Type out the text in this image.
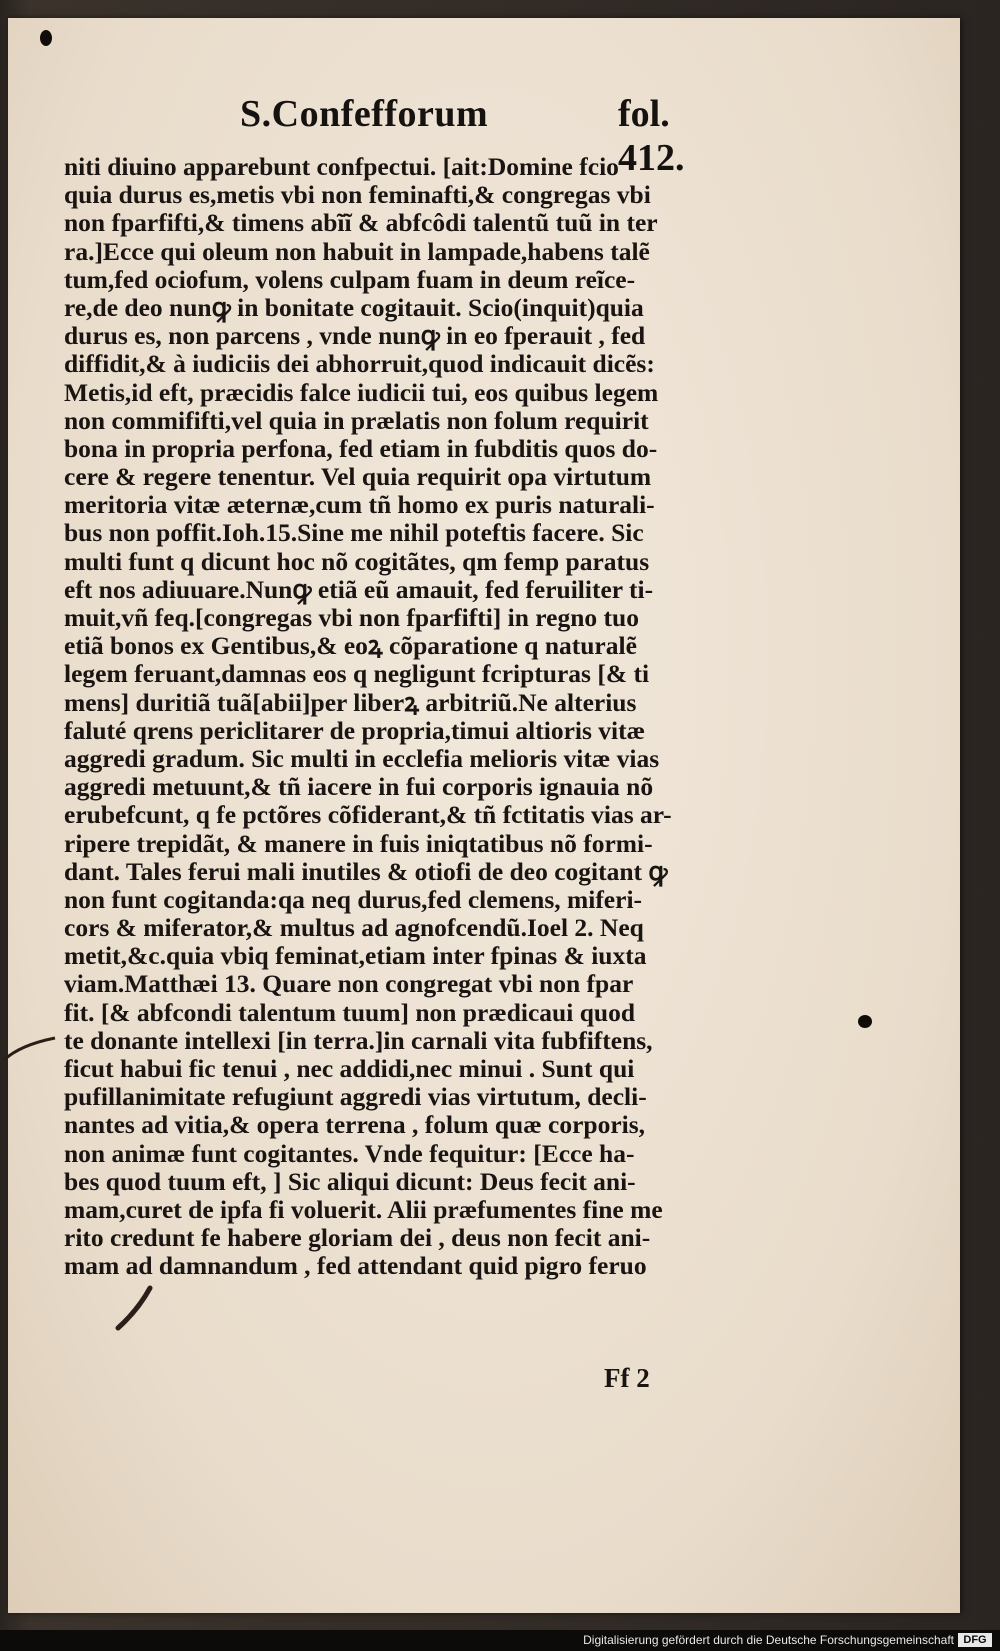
S.Confefforum	fol. 412.
niti diuino apparebunt confpectui. [ait:Domine fcio
quia durus es,metis vbi non feminafti,& congregas vbi
non fparfifti,& timens abĩĩ & abfcôdi talentũ tuũ in ter
ra.]Ecce qui oleum non habuit in lampade,habens talẽ
tum,fed ociofum, volens culpam fuam in deum reĩce-
re,de deo nunꝙ in bonitate cogitauit. Scio(inquit)quia
durus es, non parcens , vnde nunꝙ in eo fperauit , fed
diffidit,& à iudiciis dei abhorruit,quod indicauit dicẽs:
Metis,id eft, præcidis falce iudicii tui, eos quibus legem
non commififti,vel quia in prælatis non folum requirit
bona in propria perfona, fed etiam in fubditis quos do-
cere & regere tenentur. Vel quia requirit opa virtutum
meritoria vitæ æternæ,cum tñ homo ex puris naturali-
bus non poffit.Ioh.15.Sine me nihil poteftis facere. Sic
multi funt q dicunt hoc nõ cogitãtes, qm femp paratus
eft nos adiuuare.Nunꝙ etiã eũ amauit, fed feruiliter ti-
muit,vñ feq.[congregas vbi non fparfifti] in regno tuo
etiã bonos ex Gentibus,& eoꝝ cõparatione q naturalẽ
legem feruant,damnas eos q negligunt fcripturas [& ti
mens] duritiã tuã[abii]per liberꝝ arbitriũ.Ne alterius
faluté qrens periclitarer de propria,timui altioris vitæ
aggredi gradum. Sic multi in ecclefia melioris vitæ vias
aggredi metuunt,& tñ iacere in fui corporis ignauia nõ
erubefcunt, q fe pctõres cõfiderant,& tñ fctitatis vias ar-
ripere trepidãt, & manere in fuis iniqtatibus nõ formi-
dant. Tales ferui mali inutiles & otiofi de deo cogitant ꝙ
non funt cogitanda:qa neq durus,fed clemens, miferi-
cors & miferator,& multus ad agnofcendũ.Ioel 2. Neq
metit,&c.quia vbiq feminat,etiam inter fpinas & iuxta
viam.Matthæi 13. Quare non congregat vbi non fpar
fit. [& abfcondi talentum tuum] non prædicaui quod
te donante intellexi [in terra.]in carnali vita fubfiftens,
ficut habui fic tenui , nec addidi,nec minui . Sunt qui
pufillanimitate refugiunt aggredi vias virtutum, decli-
nantes ad vitia,& opera terrena , folum quæ corporis,
non animæ funt cogitantes. Vnde fequitur: [Ecce ha-
bes quod tuum eft, ] Sic aliqui dicunt: Deus fecit ani-
mam,curet de ipfa fi voluerit. Alii præfumentes fine me
rito credunt fe habere gloriam dei , deus non fecit ani-
mam ad damnandum , fed attendant quid pigro feruo
Ff 2
Digitalisierung gefördert durch die Deutsche Forschungsgemeinschaft DFG
